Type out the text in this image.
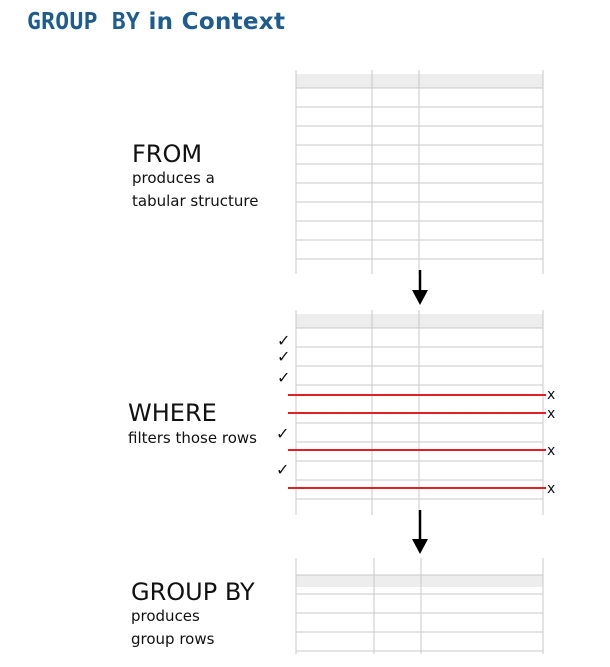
GROUP BY in Context
FROM
produces a
tabular structure
WHERE
filters those rows
GROUP BY
produces
group rows
✓
✓
✓
✓
✓
x
x
x
x
